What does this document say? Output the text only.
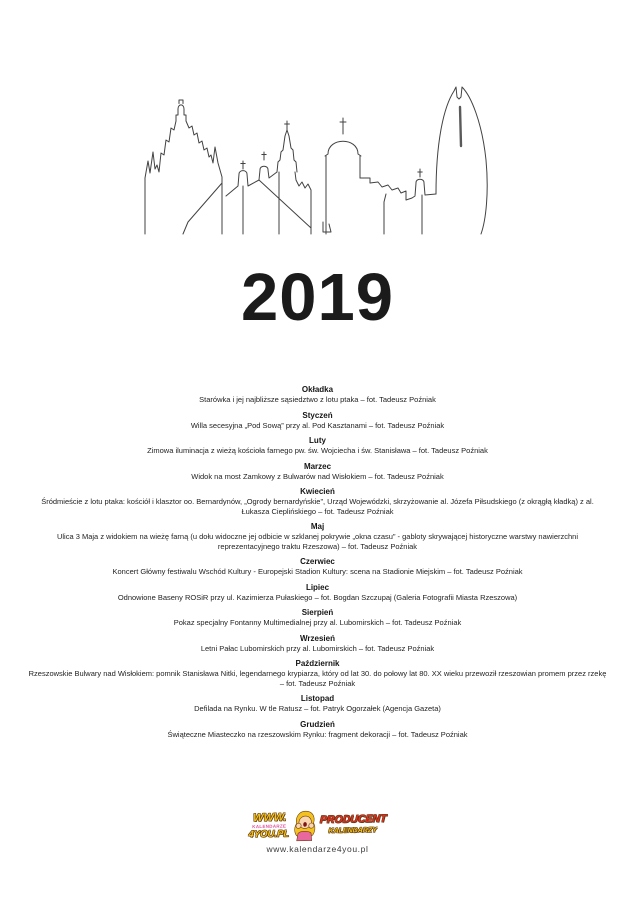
2019
Okładka

Starówka i jej najbliższe sąsiedztwo z lotu ptaka – fot. Tadeusz Poźniak

Styczeń

Willa secesyjna „Pod Sową” przy al. Pod Kasztanami – fot. Tadeusz Poźniak

Luty

Zimowa iluminacja z wieżą kościoła farnego pw. św. Wojciecha i św. Stanisława – fot. Tadeusz Poźniak

Marzec

Widok na most Zamkowy z Bulwarów nad Wisłokiem – fot. Tadeusz Poźniak

Kwiecień

Śródmieście z lotu ptaka: kościół i klasztor oo. Bernardynów, „Ogrody bernardyńskie”, Urząd Wojewódzki, skrzyżowanie al. Józefa Piłsudskiego (z okrągłą kładką) z al. Łukasza Cieplińskiego – fot. Tadeusz Poźniak

Maj

Ulica 3 Maja z widokiem na wieżę farną (u dołu widoczne jej odbicie w szklanej pokrywie „okna czasu” - gabloty skrywającej historyczne warstwy nawierzchni reprezentacyjnego traktu Rzeszowa) – fot. Tadeusz Poźniak

Czerwiec

Koncert Główny festiwalu Wschód Kultury - Europejski Stadion Kultury: scena na Stadionie Miejskim – fot. Tadeusz Poźniak

Lipiec

Odnowione Baseny ROSiR przy ul. Kazimierza Pułaskiego – fot. Bogdan Szczupaj (Galeria Fotografii Miasta Rzeszowa)

Sierpień

Pokaz specjalny Fontanny Multimedialnej przy al. Lubomirskich – fot. Tadeusz Poźniak

Wrzesień

Letni Pałac Lubomirskich przy al. Lubomirskich – fot. Tadeusz Poźniak

Październik

Rzeszowskie Bulwary nad Wisłokiem: pomnik Stanisława Nitki, legendarnego krypiarza, który od lat 30. do połowy lat 80. XX wieku przewoził rzeszowian promem przez rzekę – fot. Tadeusz Poźniak

Listopad

Defilada na Rynku. W tle Ratusz – fot. Patryk Ogorzałek (Agencja Gazeta)

Grudzień

Świąteczne Miasteczko na rzeszowskim Rynku: fragment dekoracji – fot. Tadeusz Poźniak

WWW.
KALENDARZE
4YOU.PL
PRODUCENT
KALENDARZY
www.kalendarze4you.pl
